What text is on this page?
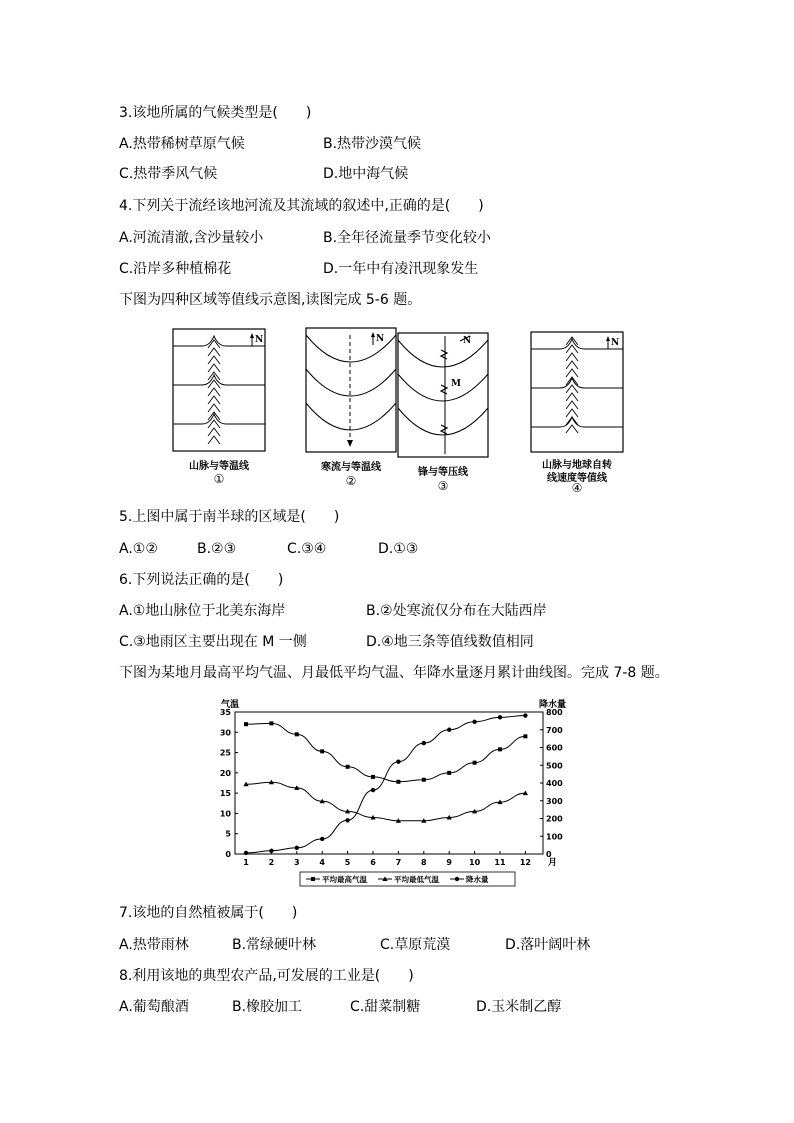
3.该地所属的气候类型是(　　)
A.热带稀树草原气候	B.热带沙漠气候
C.热带季风气候	D.地中海气候
4.下列关于流经该地河流及其流域的叙述中,正确的是(　　)
A.河流清澈,含沙量较小	B.全年径流量季节变化较小
C.沿岸多种植棉花	D.一年中有凌汛现象发生
下图为四种区域等值线示意图,读图完成 5-6 题。
N
山脉与等温线
①
N
寒流与等温线
②
M
N
锋与等压线
③
N
山脉与地球自转
线速度等值线
④
5.上图中属于南半球的区域是(　　)
A.①②	B.②③	C.③④	D.①③
6.下列说法正确的是(　　)
A.①地山脉位于北美东海岸	B.②处寒流仅分布在大陆西岸
C.③地雨区主要出现在 M 一侧	D.④地三条等值线数值相同
下图为某地月最高平均气温、月最低平均气温、年降水量逐月累计曲线图。完成 7-8 题。
0
5
10
15
20
25
30
35
0
100
200
300
400
500
600
700
800
1 2 3 4 5 6 7 8 9 10 11 12 月
气温	降水量
平均最高气温	平均最低气温	降水量
7.该地的自然植被属于(　　)
A.热带雨林	B.常绿硬叶林	C.草原荒漠	D.落叶阔叶林
8.利用该地的典型农产品,可发展的工业是(　　)
A.葡萄酿酒	B.橡胶加工	C.甜菜制糖	D.玉米制乙醇
